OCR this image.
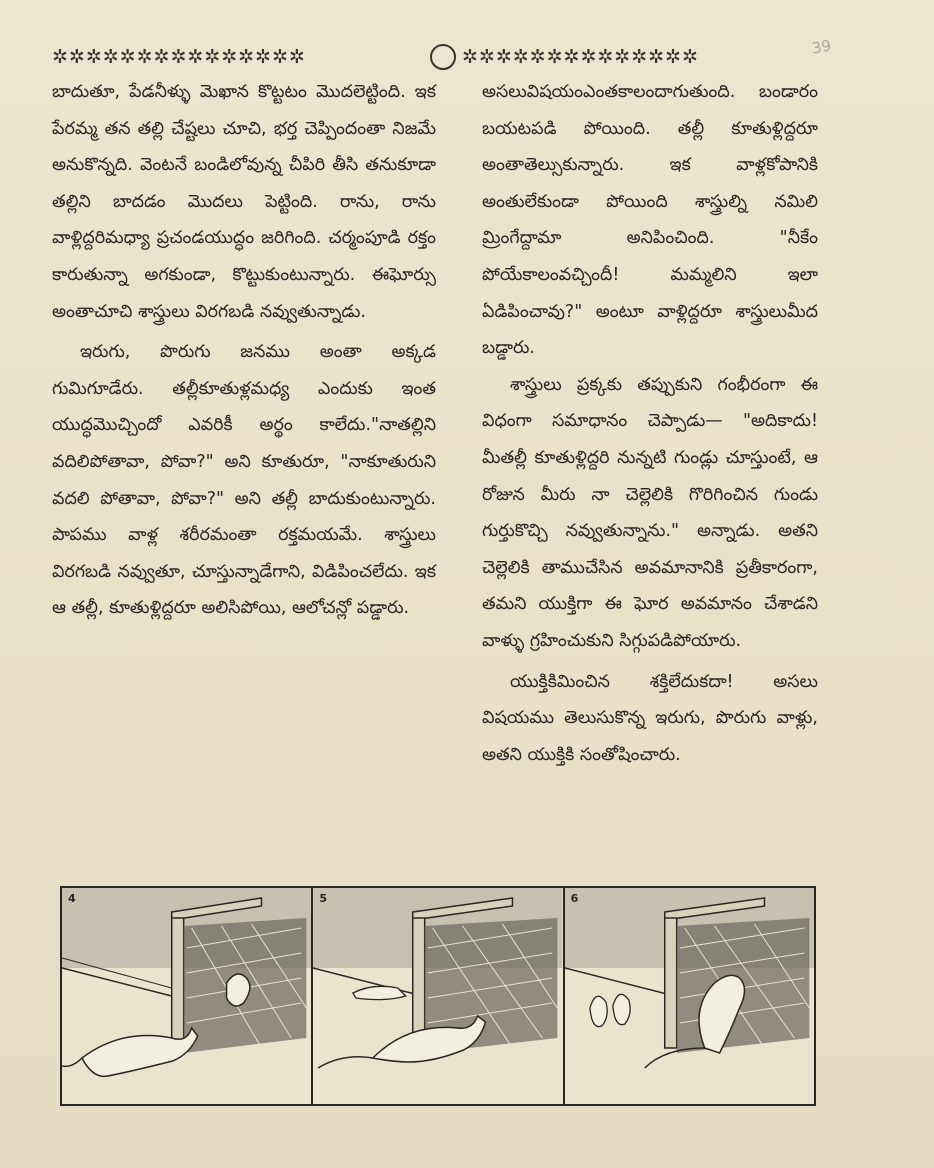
✲✲✲✲✲✲✲✲✲✲✲✲✲✲✲	✲✲✲✲✲✲✲✲✲✲✲✲✲✲	39

బాదుతూ, పేడనీళ్ళు మెఖాన కొట్టటం మొదలెట్టింది. ఇక పేరమ్మ తన తల్లి చేష్టలు చూచి, భర్త చెప్పిందంతా నిజమే అనుకొన్నది. వెంటనే బండిలోవున్న చీపిరి తీసి తనుకూడా తల్లిని బాదడం మొదలు పెట్టింది. రాను, రాను వాళ్లిద్దరిమధ్యా ప్రచండయుద్ధం జరిగింది. చర్మంపూడి రక్తం కారుతున్నా అగకుండా, కొట్టుకుంటున్నారు. ఈఘోర్సు అంతాచూచి శాస్త్రులు విరగబడి నవ్వుతున్నాడు.

ఇరుగు, పొరుగు జనము అంతా అక్కడ గుమిగూడేరు. తల్లీకూతుళ్లమధ్య ఎందుకు ఇంత యుద్ధమొచ్చిందో ఎవరికీ అర్థం కాలేదు."నాతల్లిని వదిలిపోతావా, పోవా?" అని కూతురూ, "నాకూతురుని వదలి పోతావా, పోవా?" అని తల్లీ బాదుకుంటున్నారు. పాపము వాళ్ల శరీరమంతా రక్తమయమే. శాస్త్రులు విరగబడి నవ్వుతూ, చూస్తున్నాడేగాని, విడిపించలేదు. ఇక ఆ తల్లీ, కూతుళ్లిద్దరూ అలిసిపోయి, ఆలోచన్లో పడ్డారు.

అసలువిషయంఎంతకాలందాగుతుంది. బండారం బయటపడి పోయింది. తల్లీ కూతుళ్లిద్దరూ అంతాతెల్సుకున్నారు. ఇక వాళ్లకోపానికి అంతులేకుండా పోయింది శాస్త్రుల్ని నమిలి మ్రింగేద్దామా అనిపించింది. "నీకేం పోయేకాలంవచ్చిందీ! మమ్మలిని ఇలా ఏడిపించావు?" అంటూ వాళ్లిద్దరూ శాస్త్రులుమీద బడ్డారు.

శాస్త్రులు ప్రక్కకు తప్పుకుని గంభీరంగా ఈ విధంగా సమాధానం చెప్పాడు— "అదికాదు! మీతల్లీ కూతుళ్లిద్దరి నున్నటి గుండ్లు చూస్తుంటే, ఆ రోజున మీరు నా చెల్లెలికి గొరిగించిన గుండు గుర్తుకొచ్చి నవ్వుతున్నాను." అన్నాడు. అతని చెల్లెలికి తాముచేసిన అవమానానికి ప్రతీకారంగా, తమని యుక్తిగా ఈ ఘోర అవమానం చేశాడని వాళ్ళు గ్రహించుకుని సిగ్గుపడిపోయారు.

యుక్తికిమించిన శక్తిలేదుకదా! అసలు విషయము తెలుసుకొన్న ఇరుగు, పొరుగు వాళ్లు, అతని యుక్తికి సంతోషించారు.

4	5	6
